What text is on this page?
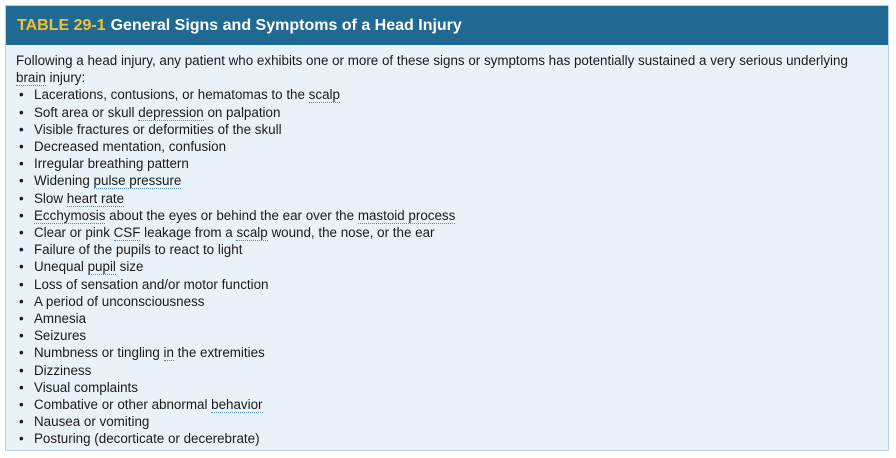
TABLE 29-1 General Signs and Symptoms of a Head Injury

Following a head injury, any patient who exhibits one or more of these signs or symptoms has potentially sustained a very serious underlying brain injury:

• Lacerations, contusions, or hematomas to the scalp
• Soft area or skull depression on palpation
• Visible fractures or deformities of the skull
• Decreased mentation, confusion
• Irregular breathing pattern
• Widening pulse pressure
• Slow heart rate
• Ecchymosis about the eyes or behind the ear over the mastoid process
• Clear or pink CSF leakage from a scalp wound, the nose, or the ear
• Failure of the pupils to react to light
• Unequal pupil size
• Loss of sensation and/or motor function
• A period of unconsciousness
• Amnesia
• Seizures
• Numbness or tingling in the extremities
• Dizziness
• Visual complaints
• Combative or other abnormal behavior
• Nausea or vomiting
• Posturing (decorticate or decerebrate)
